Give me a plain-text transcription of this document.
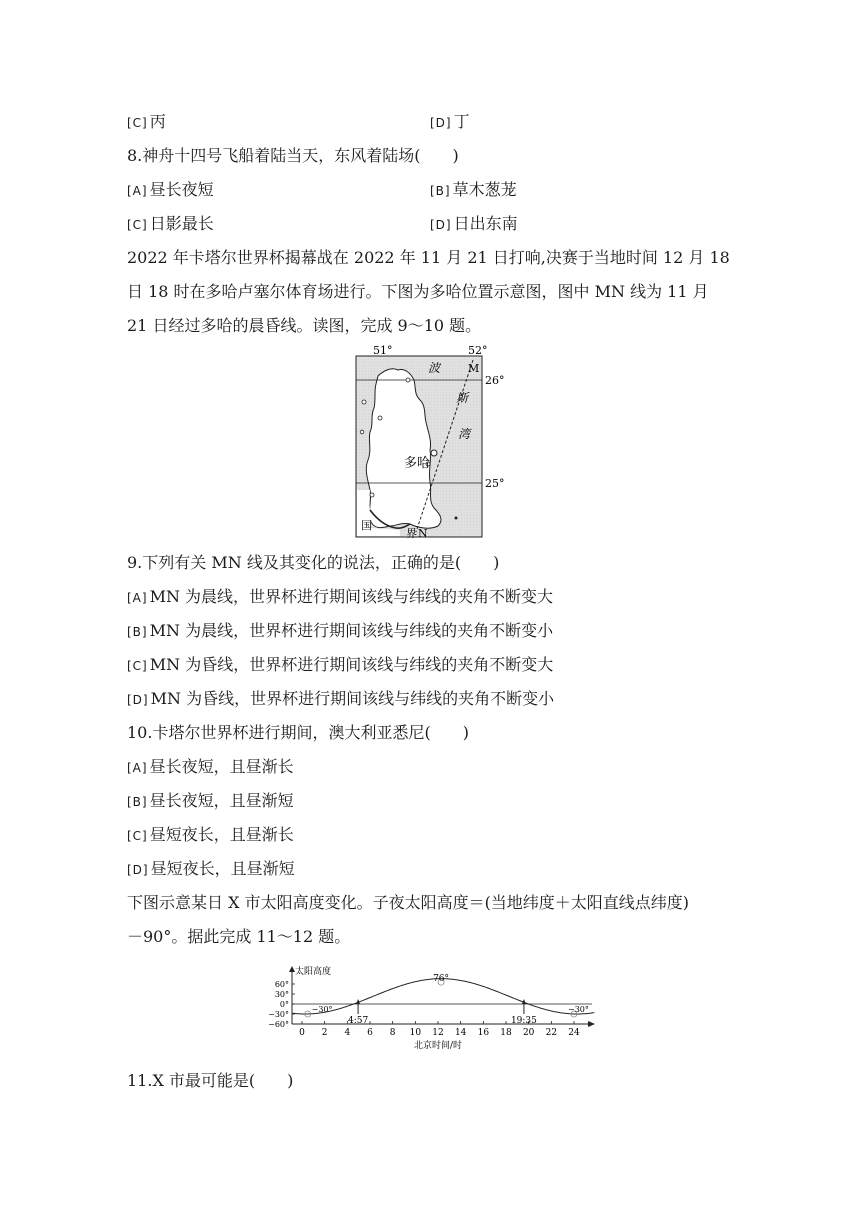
[C] 丙	[D] 丁
8.神舟十四号飞船着陆当天，东风着陆场(　　)
[A] 昼长夜短	[B] 草木葱茏
[C] 日影最长	[D] 日出东南
2022 年卡塔尔世界杯揭幕战在 2022 年 11 月 21 日打响,决赛于当地时间 12 月 18
日 18 时在多哈卢塞尔体育场进行。下图为多哈位置示意图，图中 MN 线为 11 月
21 日经过多哈的晨昏线。读图，完成 9～10 题。
51°	52°
26°
25°
波
斯
湾
M
多哈
国
界 N
9.下列有关 MN 线及其变化的说法，正确的是(　　)
[A] MN 为晨线，世界杯进行期间该线与纬线的夹角不断变大
[B] MN 为晨线，世界杯进行期间该线与纬线的夹角不断变小
[C] MN 为昏线，世界杯进行期间该线与纬线的夹角不断变大
[D] MN 为昏线，世界杯进行期间该线与纬线的夹角不断变小
10.卡塔尔世界杯进行期间，澳大利亚悉尼(　　)
[A] 昼长夜短，且昼渐长
[B] 昼长夜短，且昼渐短
[C] 昼短夜长，且昼渐长
[D] 昼短夜长，且昼渐短
下图示意某日 X 市太阳高度变化。子夜太阳高度＝(当地纬度＋太阳直线点纬度)
－90°。据此完成 11～12 题。
60°
30°
0°
−30°
−60°
0 2 4 6 8 10 12 14 16 18 20 22 24
太阳高度
北京时间/时
4:57	19:35
76°
−30°	−30°
11.X 市最可能是(　　)
